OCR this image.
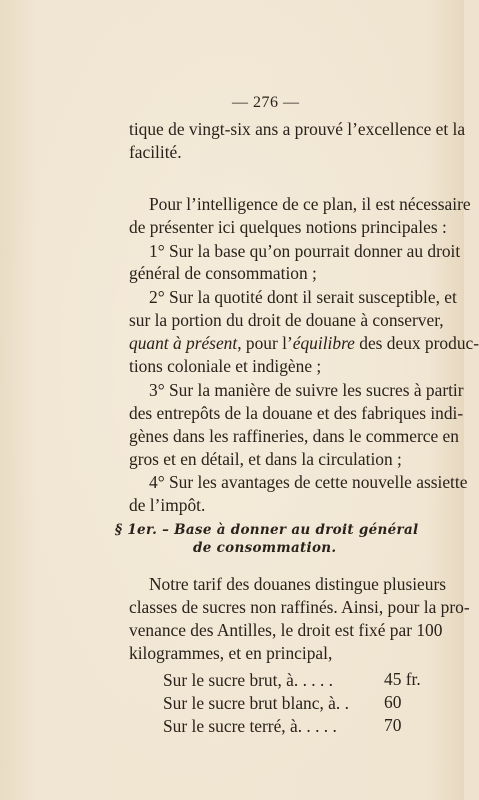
— 276 —
tique de vingt-six ans a prouvé l’excellence et la
facilité.
Pour l’intelligence de ce plan, il est nécessaire
de présenter ici quelques notions principales :
1° Sur la base qu’on pourrait donner au droit
général de consommation ;
2° Sur la quotité dont il serait susceptible, et
sur la portion du droit de douane à conserver,
quant à présent, pour l’équilibre des deux produc-
tions coloniale et indigène ;
3° Sur la manière de suivre les sucres à partir
des entrepôts de la douane et des fabriques indi-
gènes dans les raffineries, dans le commerce en
gros et en détail, et dans la circulation ;
4° Sur les avantages de cette nouvelle assiette
de l’impôt.
§ 1er. – Base à donner au droit général
de consommation.
Notre tarif des douanes distingue plusieurs
classes de sucres non raffinés. Ainsi, pour la pro-
venance des Antilles, le droit est fixé par 100
kilogrammes, et en principal,
Sur le sucre brut, à. . . . .	45 fr.
Sur le sucre brut blanc, à. . 60
Sur le sucre terré, à. . . . .	70
